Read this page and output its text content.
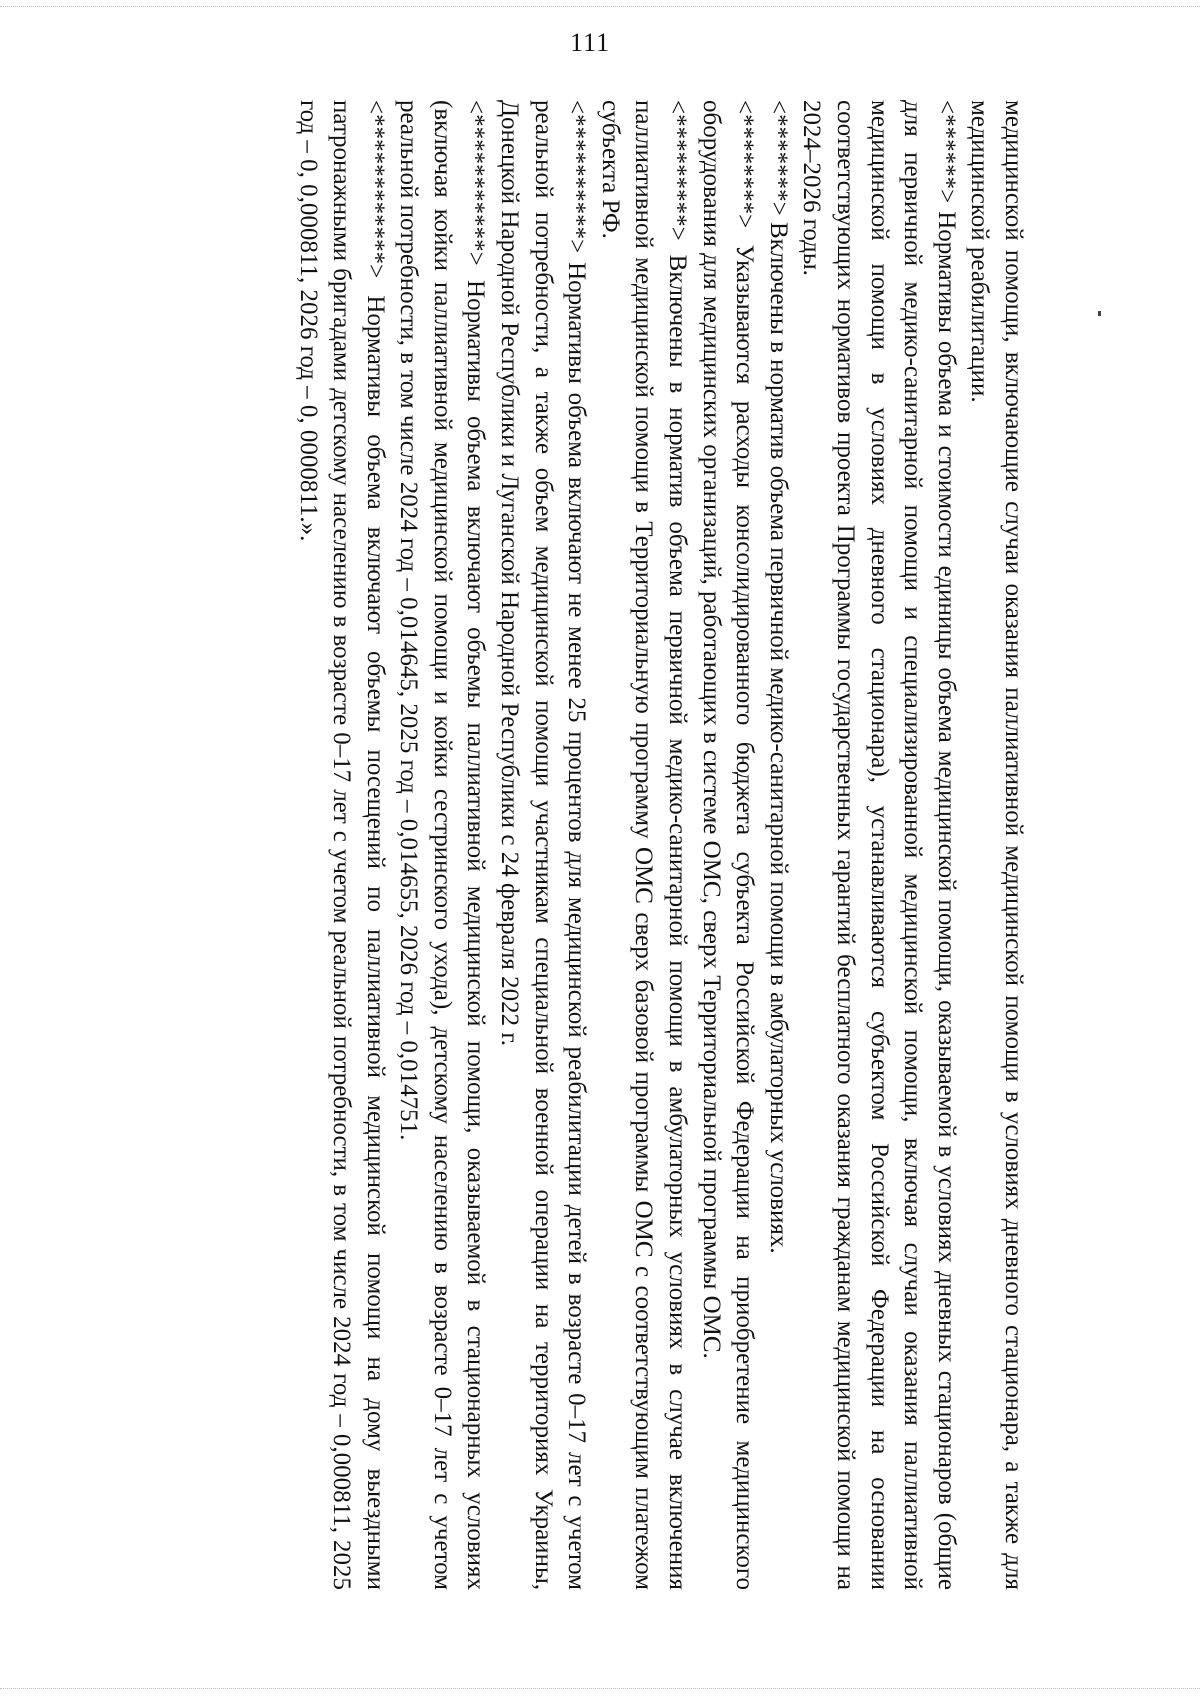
111

медицинской помощи, включающие случаи оказания паллиативной медицинской помощи в условиях дневного стационара, а также для медицинской реабилитации.

<******> Нормативы объема и стоимости единицы объема медицинской помощи, оказываемой в условиях дневных стационаров (общие для первичной медико-санитарной помощи и специализированной медицинской помощи, включая случаи оказания паллиативной медицинской помощи в условиях дневного стационара), устанавливаются субъектом Российской Федерации на основании соответствующих нормативов проекта Программы государственных гарантий бесплатного оказания гражданам медицинской помощи на 2024–2026 годы.

<*******> Включены в норматив объема первичной медико-санитарной помощи в амбулаторных условиях.

<********> Указываются расходы консолидированного бюджета субъекта Российской Федерации на приобретение медицинского оборудования для медицинских организаций, работающих в системе ОМС, сверх Территориальной программы ОМС.

<*********> Включены в норматив объема первичной медико-санитарной помощи в амбулаторных условиях в случае включения паллиативной медицинской помощи в Территориальную программу ОМС сверх базовой программы ОМС с соответствующим платежом субъекта РФ.

<**********> Нормативы объема включают не менее 25 процентов для медицинской реабилитации детей в возрасте 0–17 лет с учетом реальной потребности, а также объем медицинской помощи участникам специальной военной операции на территориях Украины, Донецкой Народной Республики и Луганской Народной Республики с 24 февраля 2022 г.

<***********> Нормативы объема включают объемы паллиативной медицинской помощи, оказываемой в стационарных условиях (включая койки паллиативной медицинской помощи и койки сестринского ухода), детскому населению в возрасте 0–17 лет с учетом реальной потребности, в том числе 2024 год – 0,014645, 2025 год – 0,014655, 2026 год – 0,014751.

<************> Нормативы объема включают объемы посещений по паллиативной медицинской помощи на дому выездными патронажными бригадами детскому населению в возрасте 0–17 лет с учетом реальной потребности, в том числе 2024 год – 0,000811, 2025 год – 0, 0,000811, 2026 год – 0, 0000811.».
